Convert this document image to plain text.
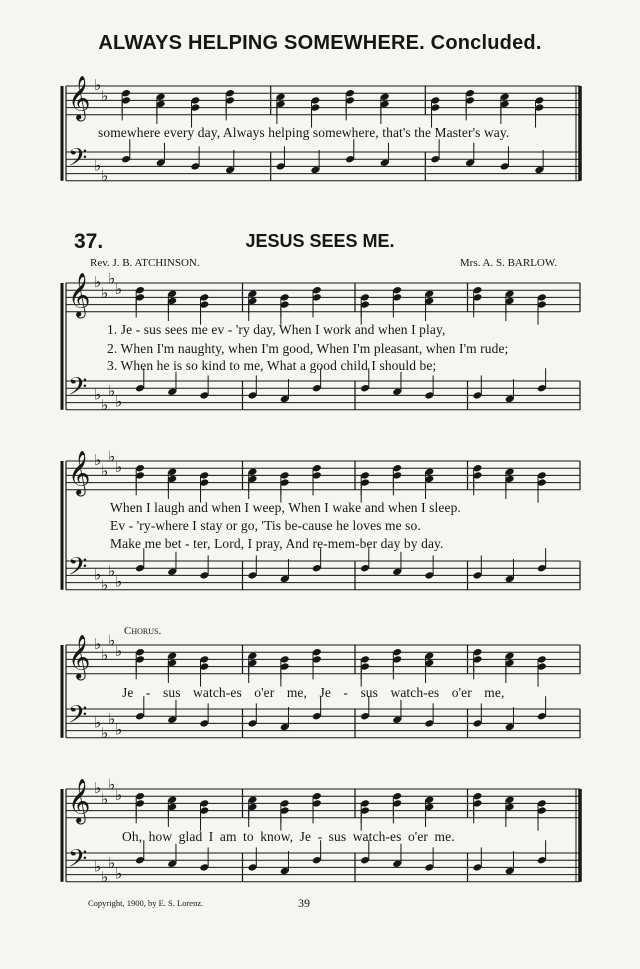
ALWAYS HELPING SOMEWHERE. Concluded.
𝄞
𝄢
♭
♭
♭
♭
𝄞
𝄢
♭
♭
♭
♭
♭
♭
♭
♭
𝄞
𝄢
♭
♭
♭
♭
♭
♭
♭
♭
𝄞
𝄢
♭
♭
♭
♭
♭
♭
♭
♭
𝄞
𝄢
♭
♭
♭
♭
♭
♭
♭
♭
37.	JESUS SEES ME.
Rev. J. B. ATCHINSON.	Mrs. A. S. BARLOW.
Chorus.
somewhere every day, Always helping somewhere, that's the Master's way.
1. Je - sus sees me ev - 'ry day, When I work and when I play,
2. When I'm naughty, when I'm good, When I'm pleasant, when I'm rude;
3. When he is so kind to me, What a good child I should be;
When I laugh and when I weep, When I wake and when I sleep.
Ev - 'ry-where I stay or go, 'Tis be-cause he loves me so.
Make me bet - ter, Lord, I pray, And re-mem-ber day by day.
Je - sus watch-es o'er me, Je - sus watch-es o'er me,
Oh, how glad I am to know, Je - sus watch-es o'er me.
Copyright, 1900, by E. S. Lorenz.	39
